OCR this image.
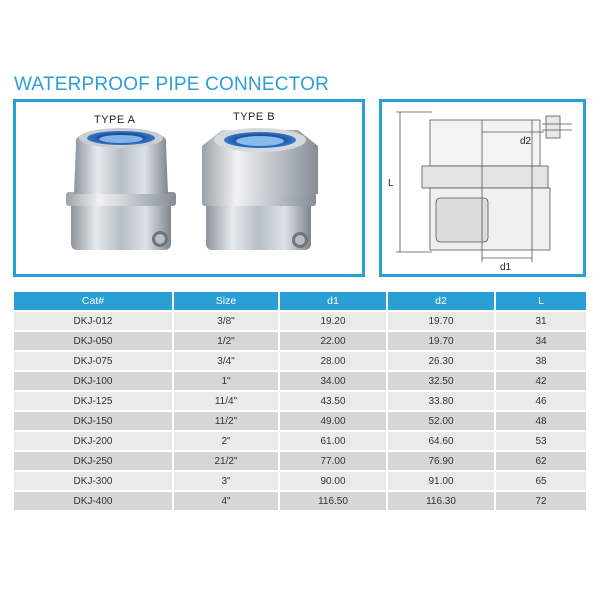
WATERPROOF PIPE CONNECTOR
TYPE A	TYPE B
L
d2
d1
Cat#	Size	d1	d2	L
DKJ-012	3/8"	19.20	19.70	31
DKJ-050	1/2"	22.00	19.70	34
DKJ-075	3/4"	28.00	26.30	38
DKJ-100	1"	34.00	32.50	42
DKJ-125	11/4"	43.50	33.80	46
DKJ-150	11/2"	49.00	52.00	48
DKJ-200	2"	61.00	64.60	53
DKJ-250	21/2"	77.00	76.90	62
DKJ-300	3"	90.00	91.00	65
DKJ-400	4"	116.50	116.30	72
